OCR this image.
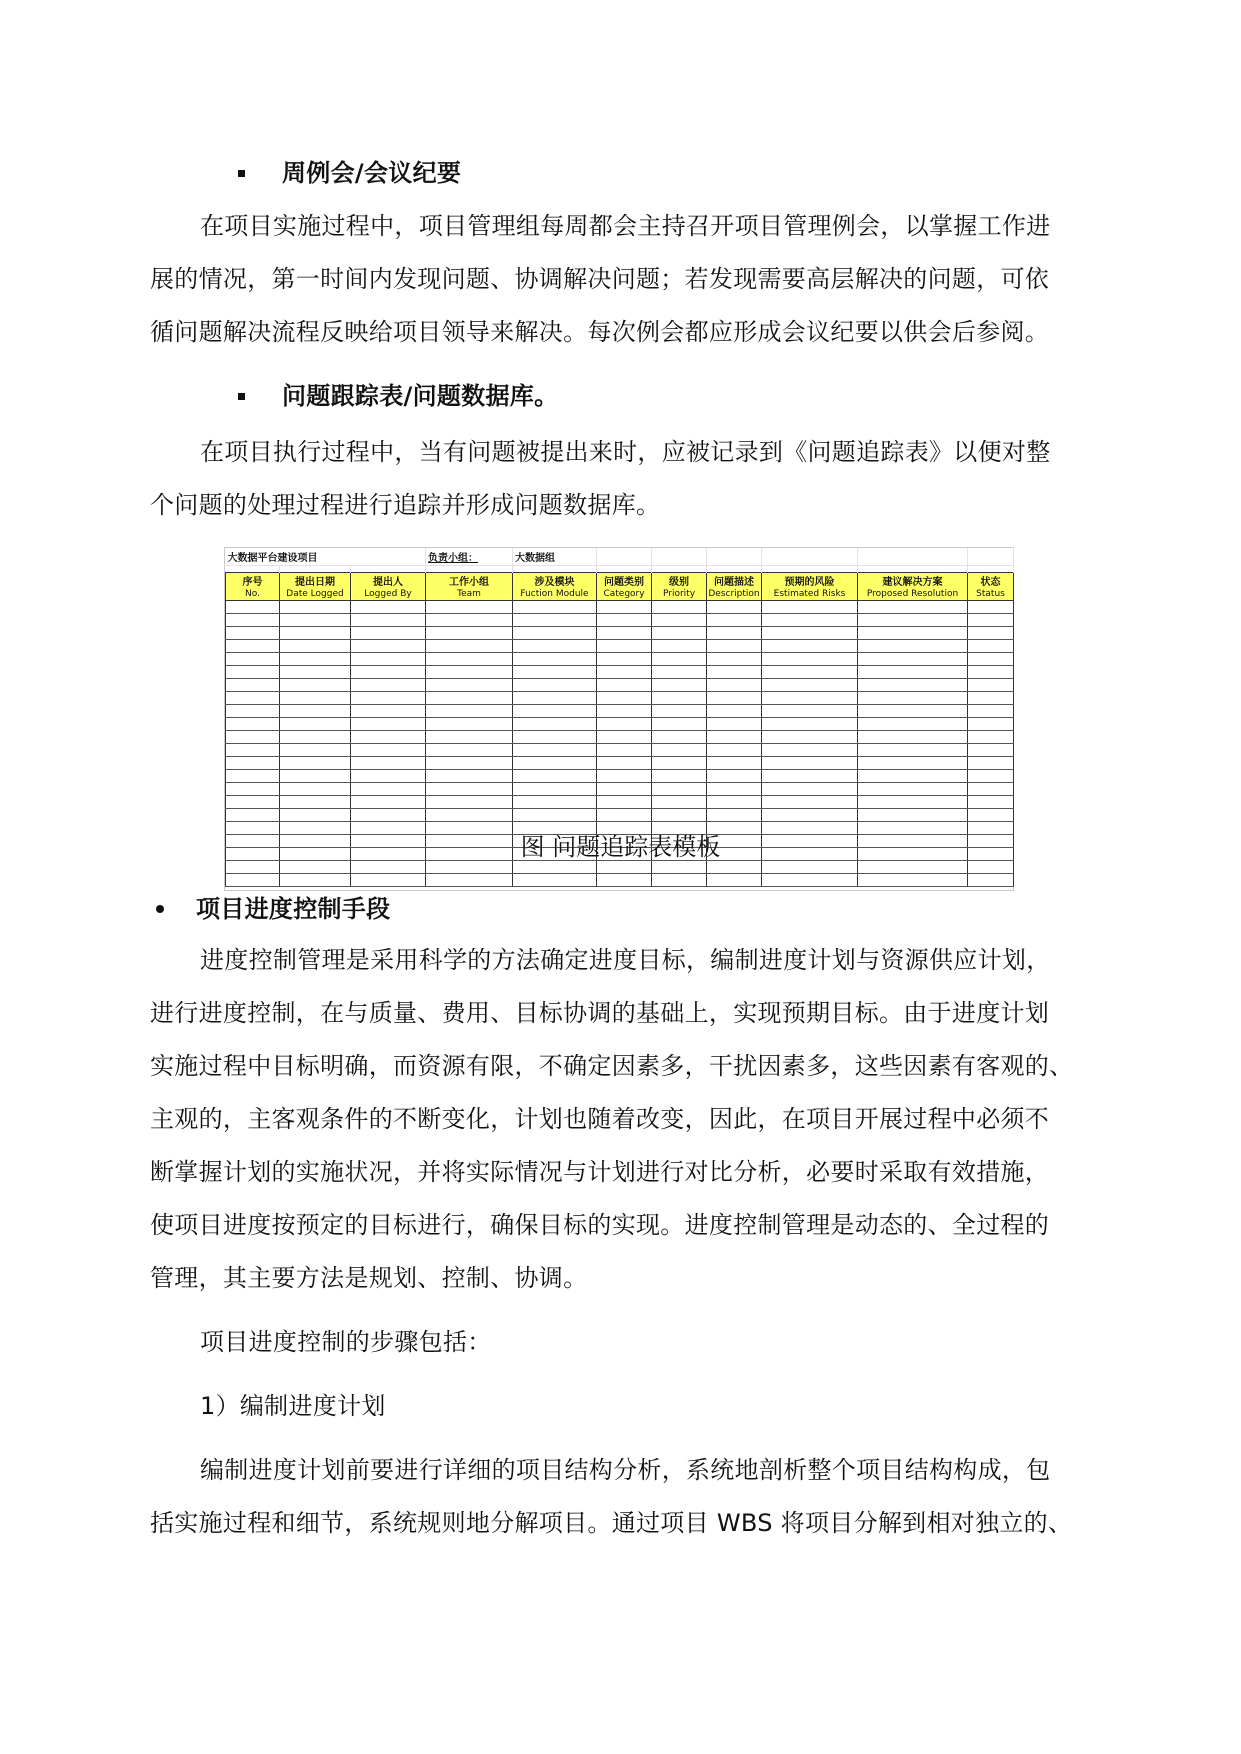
周例会/会议纪要
在项目实施过程中，项目管理组每周都会主持召开项目管理例会，以掌握工作进
展的情况，第一时间内发现问题、协调解决问题；若发现需要高层解决的问题，可依
循问题解决流程反映给项目领导来解决。每次例会都应形成会议纪要以供会后参阅。
问题跟踪表/问题数据库。
在项目执行过程中，当有问题被提出来时，应被记录到《问题追踪表》以便对整
个问题的处理过程进行追踪并形成问题数据库。
大数据平台建设项目			负责小组：	大数据组						

序号	提出日期	提出人	工作小组	涉及模块	问题类别	级别	问题描述	预期的风险	建议解决方案	状态
No.	Date Logged	Logged By	Team	Fuction Module	Category	Priority	Description	Estimated Risks	Proposed Resolution	Status

图 问题追踪表模板
项目进度控制手段
进度控制管理是采用科学的方法确定进度目标，编制进度计划与资源供应计划，
进行进度控制，在与质量、费用、目标协调的基础上，实现预期目标。由于进度计划
实施过程中目标明确，而资源有限，不确定因素多，干扰因素多，这些因素有客观的、
主观的，主客观条件的不断变化，计划也随着改变，因此，在项目开展过程中必须不
断掌握计划的实施状况，并将实际情况与计划进行对比分析，必要时采取有效措施，
使项目进度按预定的目标进行，确保目标的实现。进度控制管理是动态的、全过程的
管理，其主要方法是规划、控制、协调。
项目进度控制的步骤包括：
1）编制进度计划
编制进度计划前要进行详细的项目结构分析，系统地剖析整个项目结构构成，包
括实施过程和细节，系统规则地分解项目。通过项目 WBS 将项目分解到相对独立的、
